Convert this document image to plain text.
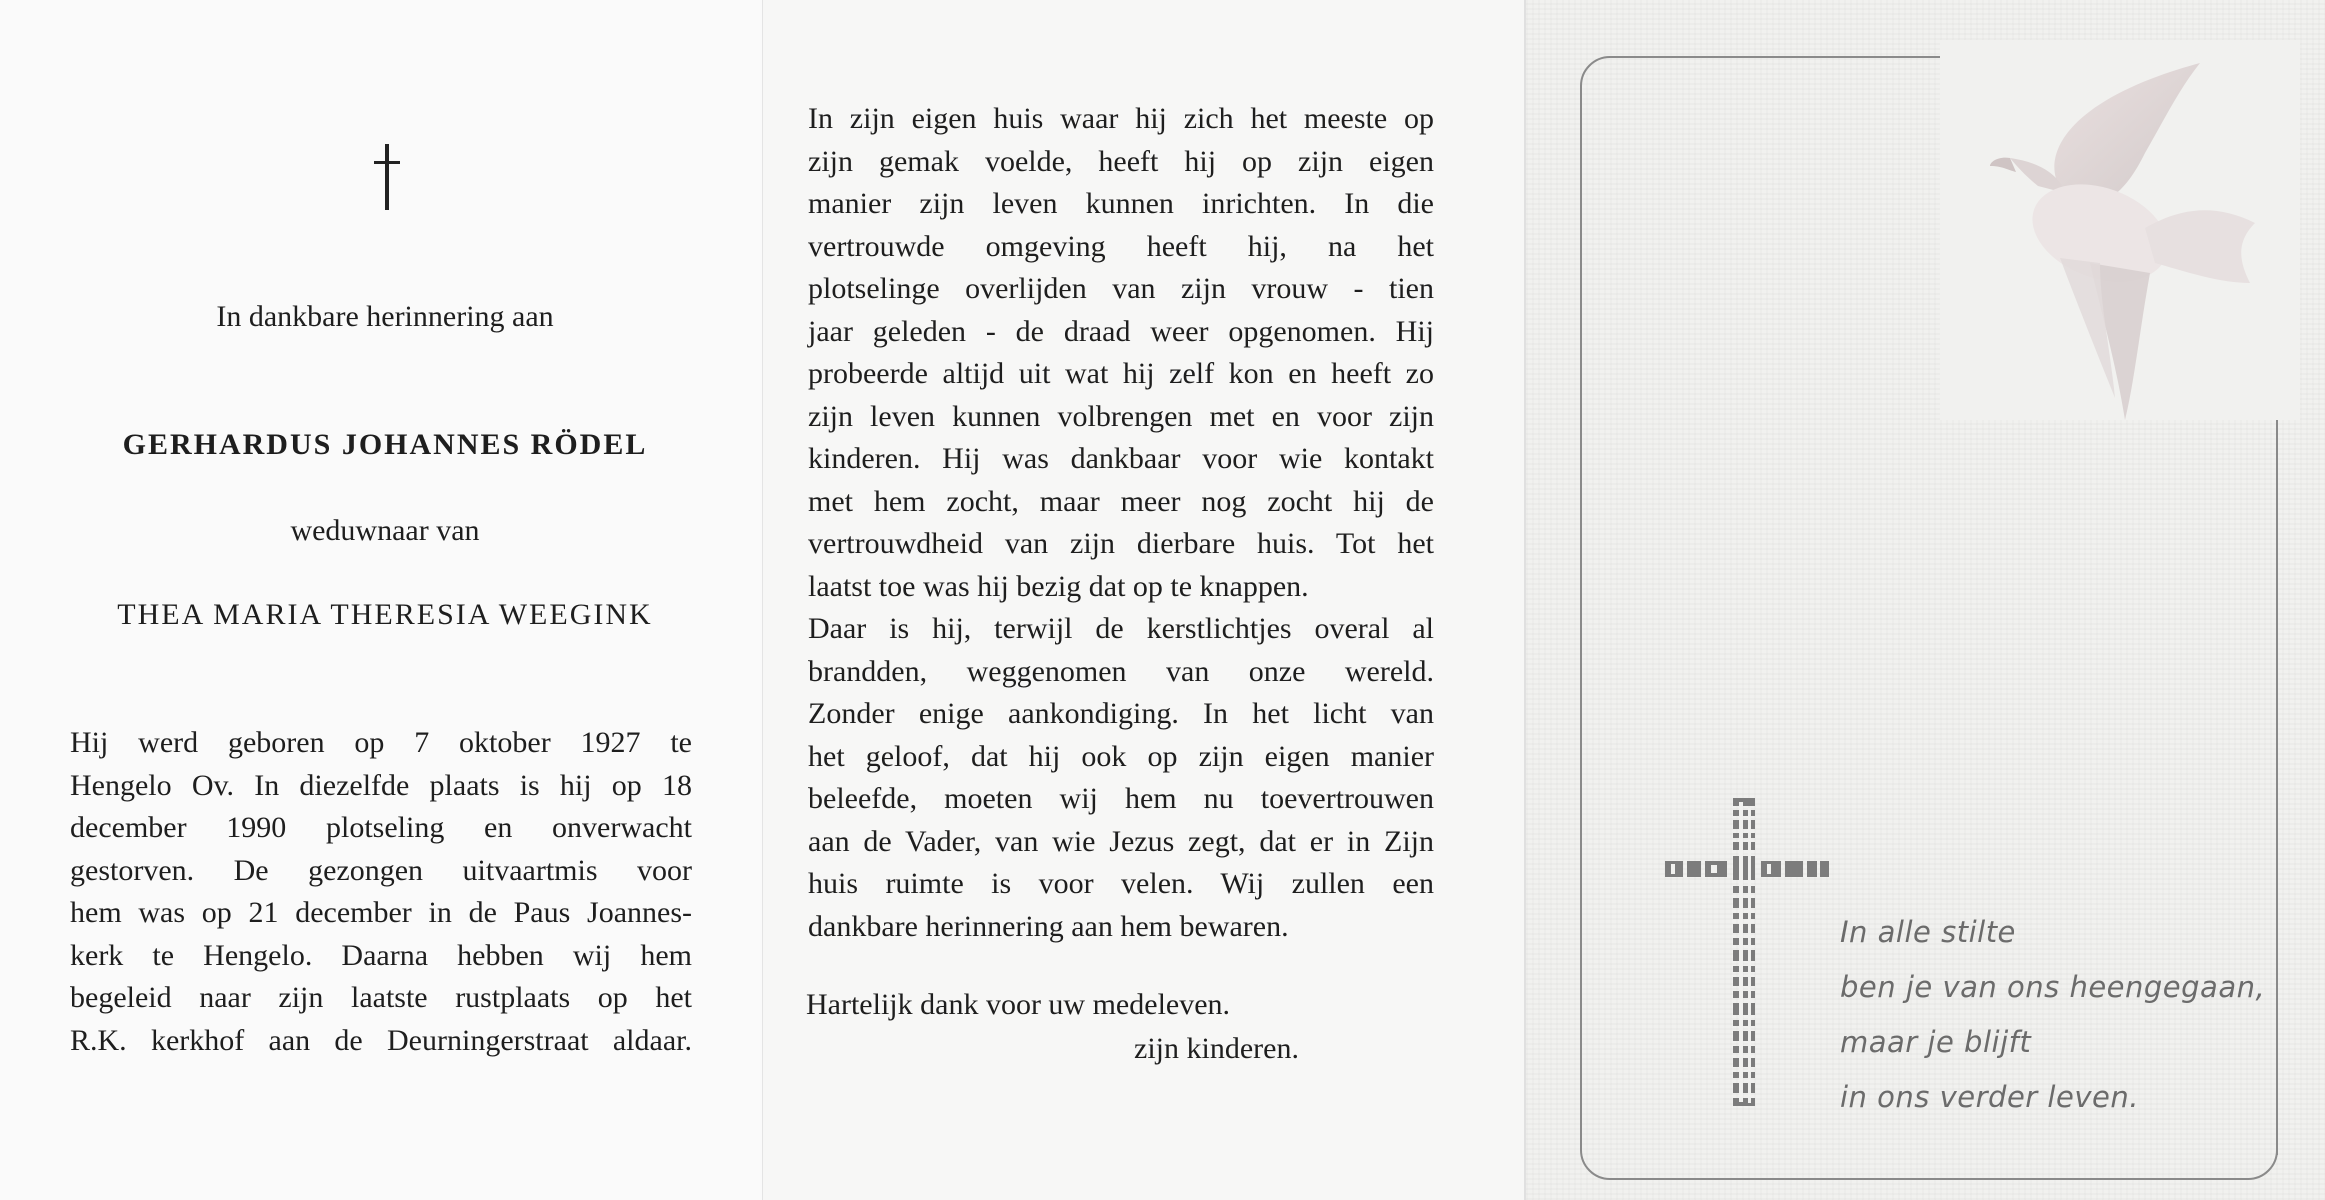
In dankbare herinnering aan
GERHARDUS JOHANNES RÖDEL
weduwnaar van
THEA MARIA THERESIA WEEGINK
Hij werd geboren op 7 oktober 1927 te
Hengelo Ov. In diezelfde plaats is hij op 18
december 1990 plotseling en onverwacht
gestorven. De gezongen uitvaartmis voor
hem was op 21 december in de Paus Joannes-
kerk te Hengelo. Daarna hebben wij hem
begeleid naar zijn laatste rustplaats op het
R.K. kerkhof aan de Deurningerstraat aldaar.
In zijn eigen huis waar hij zich het meeste op
zijn gemak voelde, heeft hij op zijn eigen
manier zijn leven kunnen inrichten. In die
vertrouwde omgeving heeft hij, na het
plotselinge overlijden van zijn vrouw - tien
jaar geleden - de draad weer opgenomen. Hij
probeerde altijd uit wat hij zelf kon en heeft zo
zijn leven kunnen volbrengen met en voor zijn
kinderen. Hij was dankbaar voor wie kontakt
met hem zocht, maar meer nog zocht hij de
vertrouwdheid van zijn dierbare huis. Tot het
laatst toe was hij bezig dat op te knappen.
Daar is hij, terwijl de kerstlichtjes overal al
brandden, weggenomen van onze wereld.
Zonder enige aankondiging. In het licht van
het geloof, dat hij ook op zijn eigen manier
beleefde, moeten wij hem nu toevertrouwen
aan de Vader, van wie Jezus zegt, dat er in Zijn
huis ruimte is voor velen. Wij zullen een
dankbare herinnering aan hem bewaren.
Hartelijk dank voor uw medeleven.
zijn kinderen.
In alle stilte
ben je van ons heengegaan,
maar je blijft
in ons verder leven.
